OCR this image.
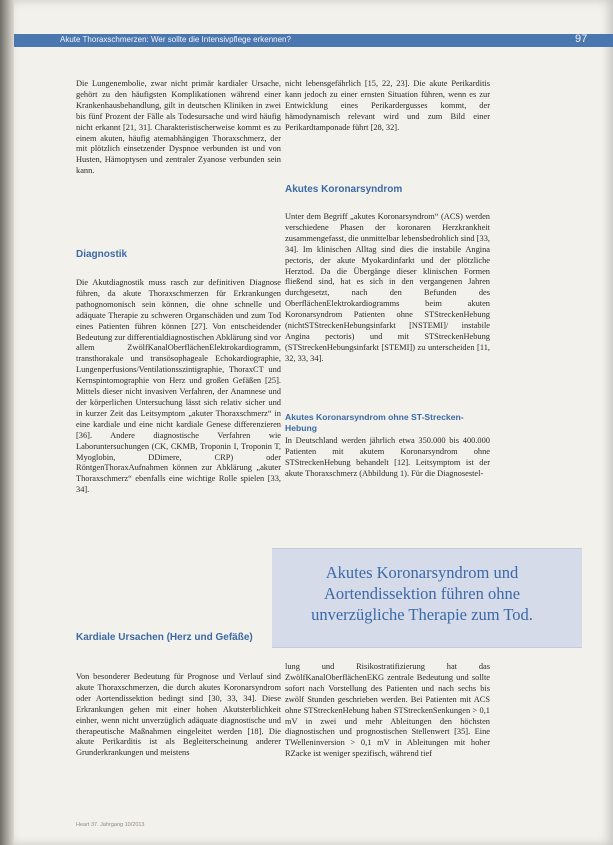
Akute Thoraxschmerzen: Wer sollte die Intensivpflege erkennen?	97

Die Lungenembolie, zwar nicht primär kardialer Ursache, gehört zu den häufigsten Komplikationen während einer Krankenhausbehandlung, gilt in deutschen Kliniken in zwei bis fünf Prozent der Fälle als Todesursache und wird häufig nicht erkannt [21, 31]. Charakteristischerweise kommt es zu einem akuten, häufig atemabhängigen Thoraxschmerz, der mit plötzlich einsetzender Dyspnoe verbunden ist und von Husten, Hämoptysen und zentraler Zyanose verbunden sein kann.

Diagnostik

Die Akutdiagnostik muss rasch zur definitiven Diagnose führen, da akute Thoraxschmerzen für Erkrankungen pathognomonisch sein können, die ohne schnelle und adäquate Therapie zu schweren Organschäden und zum Tod eines Patienten führen können [27]. Von entscheidender Bedeutung zur differentialdiagnostischen Abklärung sind vor allem ZwölfKanalOberflächenElektrokardiogramm, transthorakale und transösophageale Echokardiographie, Lungenperfusions/Ventilationsszintigraphie, ThoraxCT und Kernspintomographie von Herz und großen Gefäßen [25]. Mittels dieser nicht invasiven Verfahren, der Anamnese und der körperlichen Untersuchung lässt sich relativ sicher und in kurzer Zeit das Leitsymptom „akuter Thoraxschmerz“ in eine kardiale und eine nicht kardiale Genese differenzieren [36]. Andere diagnostische Verfahren wie Laboruntersuchungen (CK, CKMB, Troponin I, Troponin T, Myoglobin, DDimere, CRP) oder RöntgenThoraxAufnahmen können zur Abklärung „akuter Thoraxschmerz“ ebenfalls eine wichtige Rolle spielen [33, 34].

Kardiale Ursachen (Herz und Gefäße)

Von besonderer Bedeutung für Prognose und Verlauf sind akute Thoraxschmerzen, die durch akutes Koronarsyndrom oder Aortendissektion bedingt sind [30, 33, 34]. Diese Erkrankungen gehen mit einer hohen Akutsterblichkeit einher, wenn nicht unverzüglich adäquate diagnostische und therapeutische Maßnahmen eingeleitet werden [18]. Die akute Perikarditis ist als Begleiterscheinung anderer Grunderkrankungen und meistens

nicht lebensgefährlich [15, 22, 23]. Die akute Perikarditis kann jedoch zu einer ernsten Situation führen, wenn es zur Entwicklung eines Perikardergusses kommt, der hämodynamisch relevant wird und zum Bild einer Perikardtamponade führt [28, 32].

Akutes Koronarsyndrom

Unter dem Begriff „akutes Koronarsyndrom“ (ACS) werden verschiedene Phasen der koronaren Herzkrankheit zusammengefasst, die unmittelbar lebensbedrohlich sind [33, 34]. Im klinischen Alltag sind dies die instabile Angina pectoris, der akute Myokardinfarkt und der plötzliche Herztod. Da die Übergänge dieser klinischen Formen fließend sind, hat es sich in den vergangenen Jahren durchgesetzt, nach den Befunden des OberflächenElektrokardiogramms beim akuten Koronarsyndrom Patienten ohne STStreckenHebung (nichtSTStreckenHebungsinfarkt [NSTEMI]/ instabile Angina pectoris) und mit STStreckenHebung (STStreckenHebungsinfarkt [STEMI]) zu unterscheiden [11, 32, 33, 34].

Akutes Koronarsyndrom ohne ST-Strecken-Hebung

In Deutschland werden jährlich etwa 350.000 bis 400.000 Patienten mit akutem Koronarsyndrom ohne STStreckenHebung behandelt [12]. Leitsymptom ist der akute Thoraxschmerz (Abbildung 1). Für die Diagnosestel-

Akutes Koronarsyndrom und Aortendissektion führen ohne unverzügliche Therapie zum Tod.

lung und Risikostratifizierung hat das ZwölfKanalOberflächenEKG zentrale Bedeutung und sollte sofort nach Vorstellung des Patienten und nach sechs bis zwölf Stunden geschrieben werden. Bei Patienten mit ACS ohne STStreckenHebung haben STStreckenSenkungen > 0,1 mV in zwei und mehr Ableitungen den höchsten diagnostischen und prognostischen Stellenwert [35]. Eine TWelleninversion > 0,1 mV in Ableitungen mit hoher RZacke ist weniger spezifisch, während tief

Heart 37. Jahrgang 10/2013
